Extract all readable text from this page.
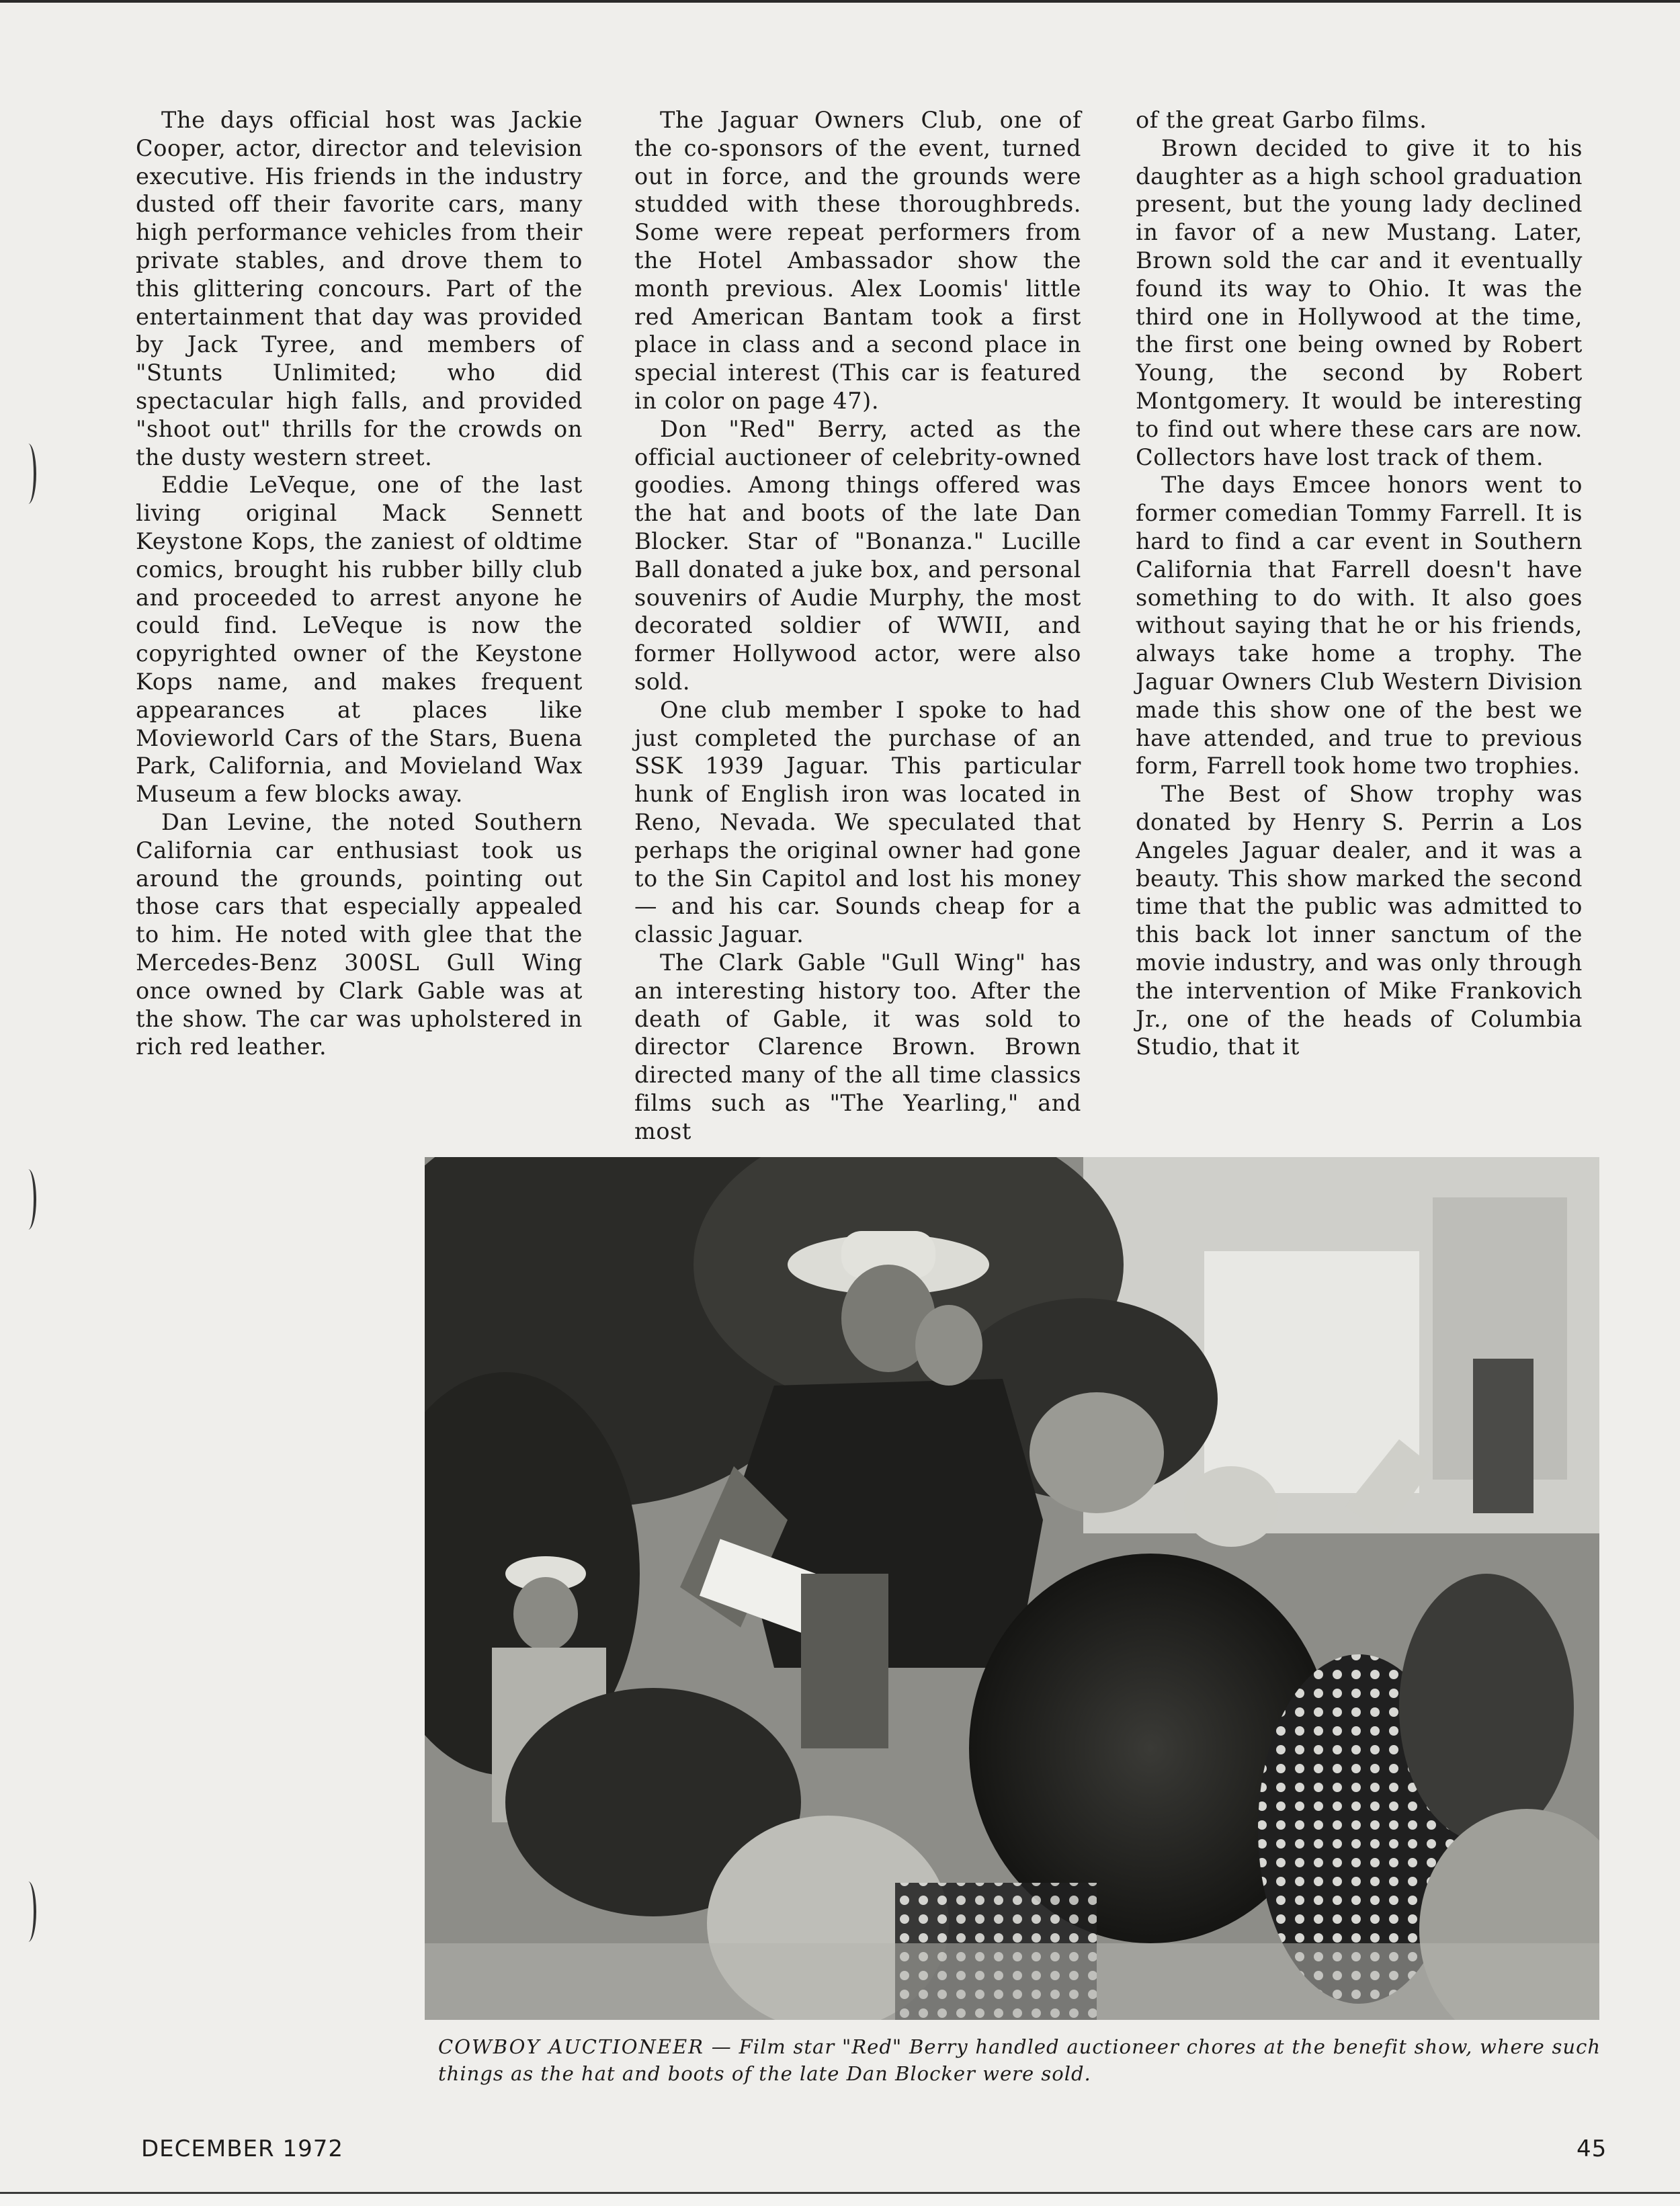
The days official host was Jackie Cooper, actor, director and television executive. His friends in the industry dusted off their favorite cars, many high performance vehicles from their private stables, and drove them to this glittering concours. Part of the entertainment that day was provided by Jack Tyree, and members of "Stunts Unlimited; who did spectacular high falls, and provided "shoot out" thrills for the crowds on the dusty western street.

Eddie LeVeque, one of the last living original Mack Sennett Keystone Kops, the zaniest of oldtime comics, brought his rubber billy club and proceeded to arrest anyone he could find. LeVeque is now the copyrighted owner of the Keystone Kops name, and makes frequent appearances at places like Movieworld Cars of the Stars, Buena Park, California, and Movieland Wax Museum a few blocks away.

Dan Levine, the noted Southern California car enthusiast took us around the grounds, pointing out those cars that especially appealed to him. He noted with glee that the Mercedes-Benz 300SL Gull Wing once owned by Clark Gable was at the show. The car was upholstered in rich red leather.

The Jaguar Owners Club, one of the co-sponsors of the event, turned out in force, and the grounds were studded with these thoroughbreds. Some were repeat performers from the Hotel Ambassador show the month previous. Alex Loomis' little red American Bantam took a first place in class and a second place in special interest (This car is featured in color on page 47).

Don "Red" Berry, acted as the official auctioneer of celebrity-owned goodies. Among things offered was the hat and boots of the late Dan Blocker. Star of "Bonanza." Lucille Ball donated a juke box, and personal souvenirs of Audie Murphy, the most decorated soldier of WWII, and former Hollywood actor, were also sold.

One club member I spoke to had just completed the purchase of an SSK 1939 Jaguar. This particular hunk of English iron was located in Reno, Nevada. We speculated that perhaps the original owner had gone to the Sin Capitol and lost his money — and his car. Sounds cheap for a classic Jaguar.

The Clark Gable "Gull Wing" has an interesting history too. After the death of Gable, it was sold to director Clarence Brown. Brown directed many of the all time classics films such as "The Yearling," and most

of the great Garbo films.

Brown decided to give it to his daughter as a high school graduation present, but the young lady declined in favor of a new Mustang. Later, Brown sold the car and it eventually found its way to Ohio. It was the third one in Hollywood at the time, the first one being owned by Robert Young, the second by Robert Montgomery. It would be interesting to find out where these cars are now. Collectors have lost track of them.

The days Emcee honors went to former comedian Tommy Farrell. It is hard to find a car event in Southern California that Farrell doesn't have something to do with. It also goes without saying that he or his friends, always take home a trophy. The Jaguar Owners Club Western Division made this show one of the best we have attended, and true to previous form, Farrell took home two trophies.

The Best of Show trophy was donated by Henry S. Perrin a Los Angeles Jaguar dealer, and it was a beauty. This show marked the second time that the public was admitted to this back lot inner sanctum of the movie industry, and was only through the intervention of Mike Frankovich Jr., one of the heads of Columbia Studio, that it

COWBOY AUCTIONEER — Film star "Red" Berry handled auctioneer chores at the benefit show, where such things as the hat and boots of the late Dan Blocker were sold.
DECEMBER 1972	45
